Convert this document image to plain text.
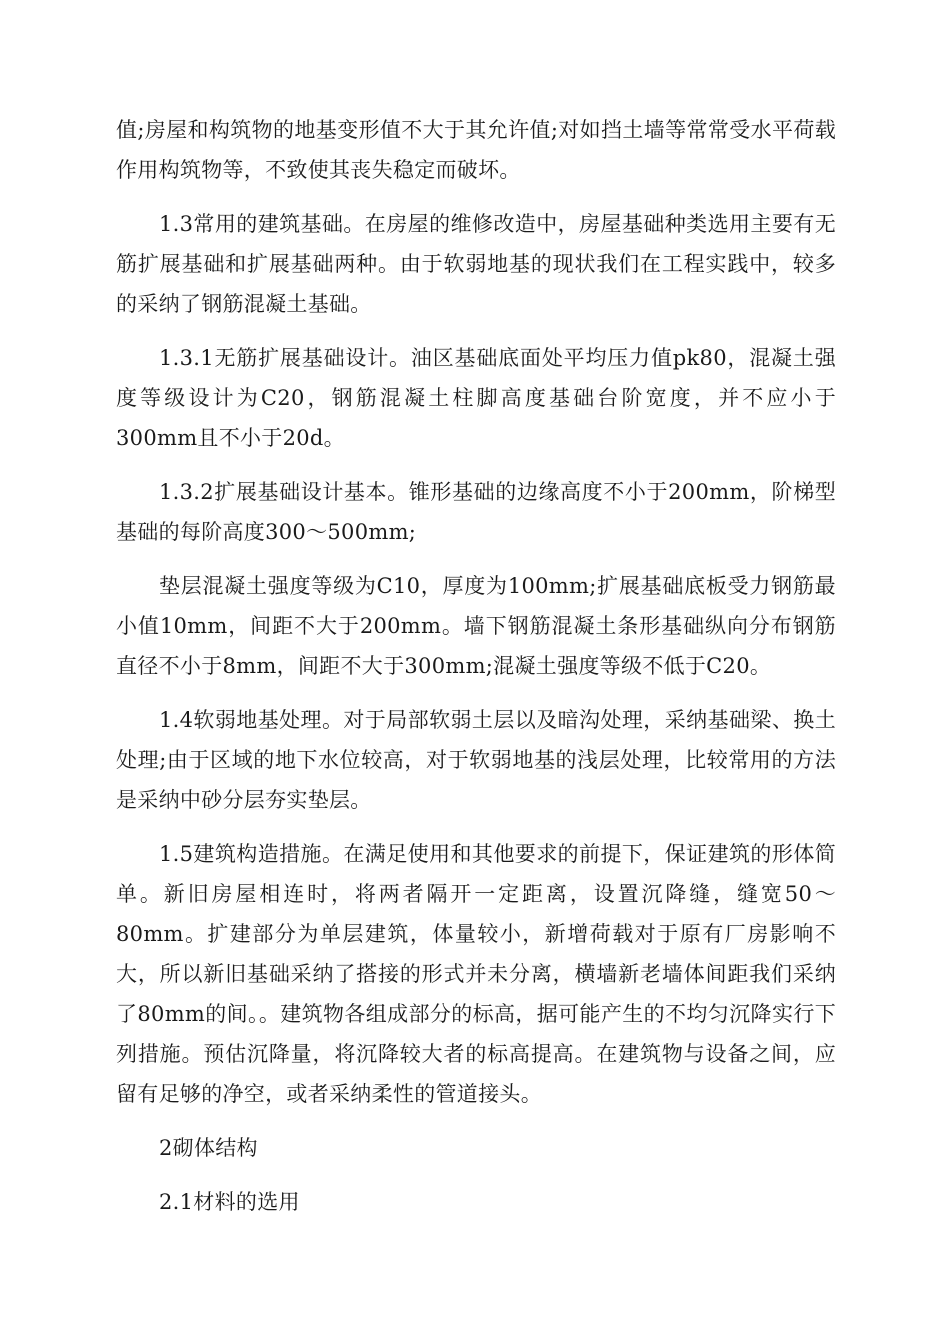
值;房屋和构筑物的地基变形值不大于其允许值;对如挡土墙等常常受水平荷载作用构筑物等，不致使其丧失稳定而破坏。

1.3常用的建筑基础。在房屋的维修改造中，房屋基础种类选用主要有无筋扩展基础和扩展基础两种。由于软弱地基的现状我们在工程实践中，较多的采纳了钢筋混凝土基础。

1.3.1无筋扩展基础设计。油区基础底面处平均压力值pk80，混凝土强度等级设计为C20，钢筋混凝土柱脚高度基础台阶宽度，并不应小于300mm且不小于20d。

1.3.2扩展基础设计基本。锥形基础的边缘高度不小于200mm，阶梯型基础的每阶高度300～500mm;

垫层混凝土强度等级为C10，厚度为100mm;扩展基础底板受力钢筋最小值10mm，间距不大于200mm。墙下钢筋混凝土条形基础纵向分布钢筋直径不小于8mm，间距不大于300mm;混凝土强度等级不低于C20。

1.4软弱地基处理。对于局部软弱土层以及暗沟处理，采纳基础梁、换土处理;由于区域的地下水位较高，对于软弱地基的浅层处理，比较常用的方法是采纳中砂分层夯实垫层。

1.5建筑构造措施。在满足使用和其他要求的前提下，保证建筑的形体简单。新旧房屋相连时，将两者隔开一定距离，设置沉降缝，缝宽50～80mm。扩建部分为单层建筑，体量较小，新增荷载对于原有厂房影响不大，所以新旧基础采纳了搭接的形式并未分离，横墙新老墙体间距我们采纳了80mm的间。。建筑物各组成部分的标高，据可能产生的不均匀沉降实行下列措施。预估沉降量，将沉降较大者的标高提高。在建筑物与设备之间，应留有足够的净空，或者采纳柔性的管道接头。

2砌体结构

2.1材料的选用
